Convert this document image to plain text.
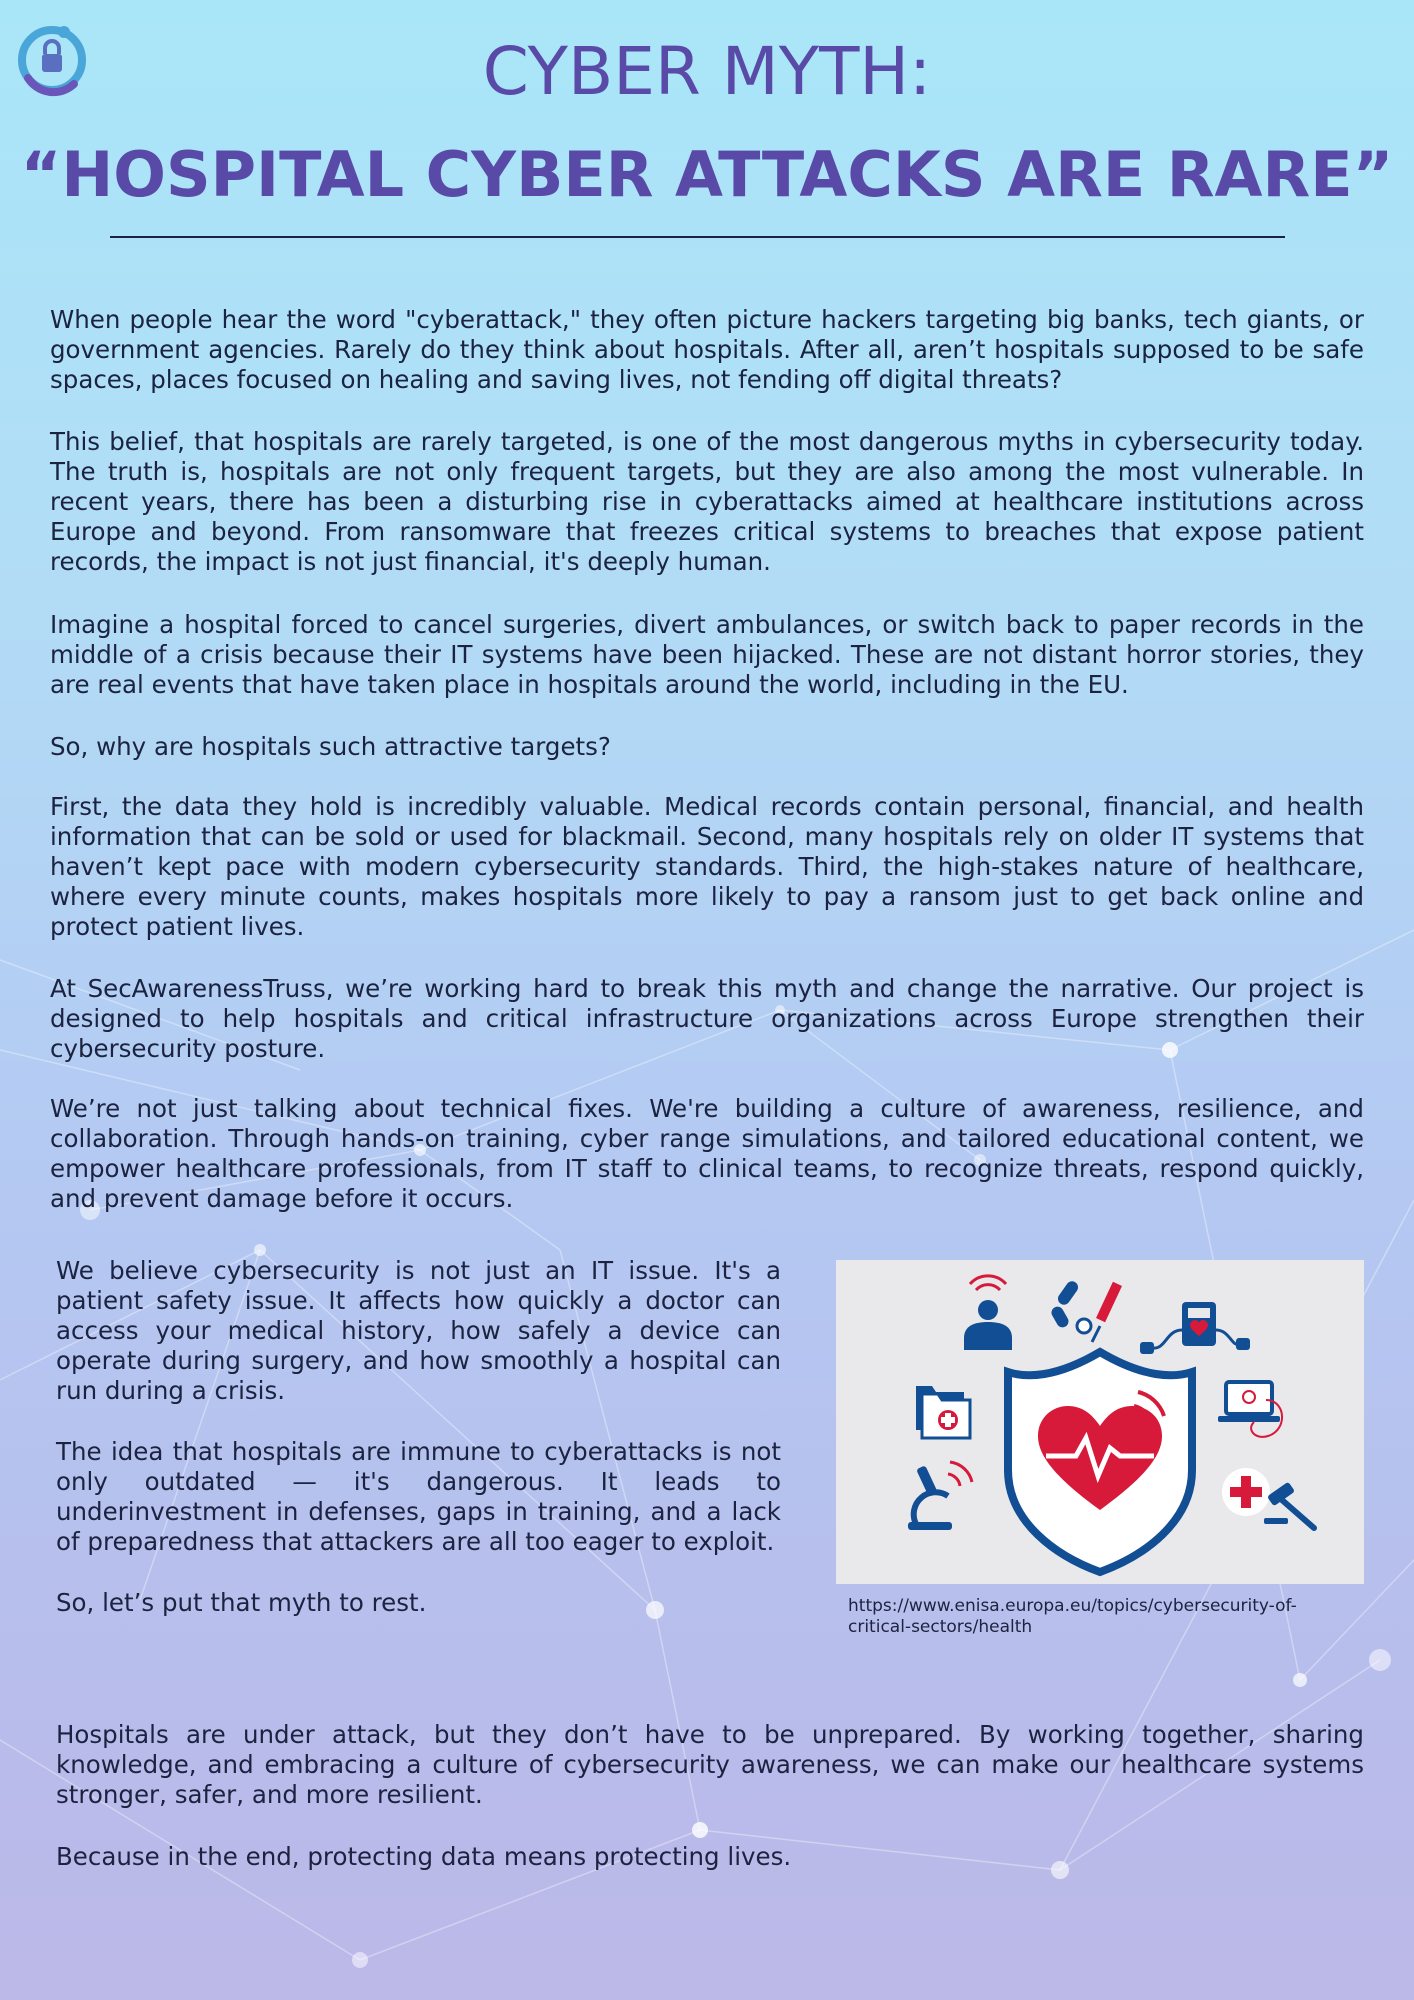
CYBER MYTH:
“HOSPITAL CYBER ATTACKS ARE RARE”

When people hear the word "cyberattack," they often picture hackers targeting big banks, tech giants, or government agencies. Rarely do they think about hospitals. After all, aren’t hospitals supposed to be safe spaces, places focused on healing and saving lives, not fending off digital threats?

This belief, that hospitals are rarely targeted, is one of the most dangerous myths in cybersecurity today. The truth is, hospitals are not only frequent targets, but they are also among the most vulnerable. In recent years, there has been a disturbing rise in cyberattacks aimed at healthcare institutions across Europe and beyond. From ransomware that freezes critical systems to breaches that expose patient records, the impact is not just financial, it's deeply human.

Imagine a hospital forced to cancel surgeries, divert ambulances, or switch back to paper records in the middle of a crisis because their IT systems have been hijacked. These are not distant horror stories, they are real events that have taken place in hospitals around the world, including in the EU.

So, why are hospitals such attractive targets?

First, the data they hold is incredibly valuable. Medical records contain personal, financial, and health information that can be sold or used for blackmail. Second, many hospitals rely on older IT systems that haven’t kept pace with modern cybersecurity standards. Third, the high-stakes nature of healthcare, where every minute counts, makes hospitals more likely to pay a ransom just to get back online and protect patient lives.

At SecAwarenessTruss, we’re working hard to break this myth and change the narrative. Our project is designed to help hospitals and critical infrastructure organizations across Europe strengthen their cybersecurity posture.

We’re not just talking about technical fixes. We're building a culture of awareness, resilience, and collaboration. Through hands-on training, cyber range simulations, and tailored educational content, we empower healthcare professionals, from IT staff to clinical teams, to recognize threats, respond quickly, and prevent damage before it occurs.

We believe cybersecurity is not just an IT issue. It's a patient safety issue. It affects how quickly a doctor can access your medical history, how safely a device can operate during surgery, and how smoothly a hospital can run during a crisis.

The idea that hospitals are immune to cyberattacks is not only outdated — it's dangerous. It leads to underinvestment in defenses, gaps in training, and a lack of preparedness that attackers are all too eager to exploit.

So, let’s put that myth to rest.	https://www.enisa.europa.eu/topics/cybersecurity-of-critical-sectors/health

Hospitals are under attack, but they don’t have to be unprepared. By working together, sharing knowledge, and embracing a culture of cybersecurity awareness, we can make our healthcare systems stronger, safer, and more resilient.

Because in the end, protecting data means protecting lives.
